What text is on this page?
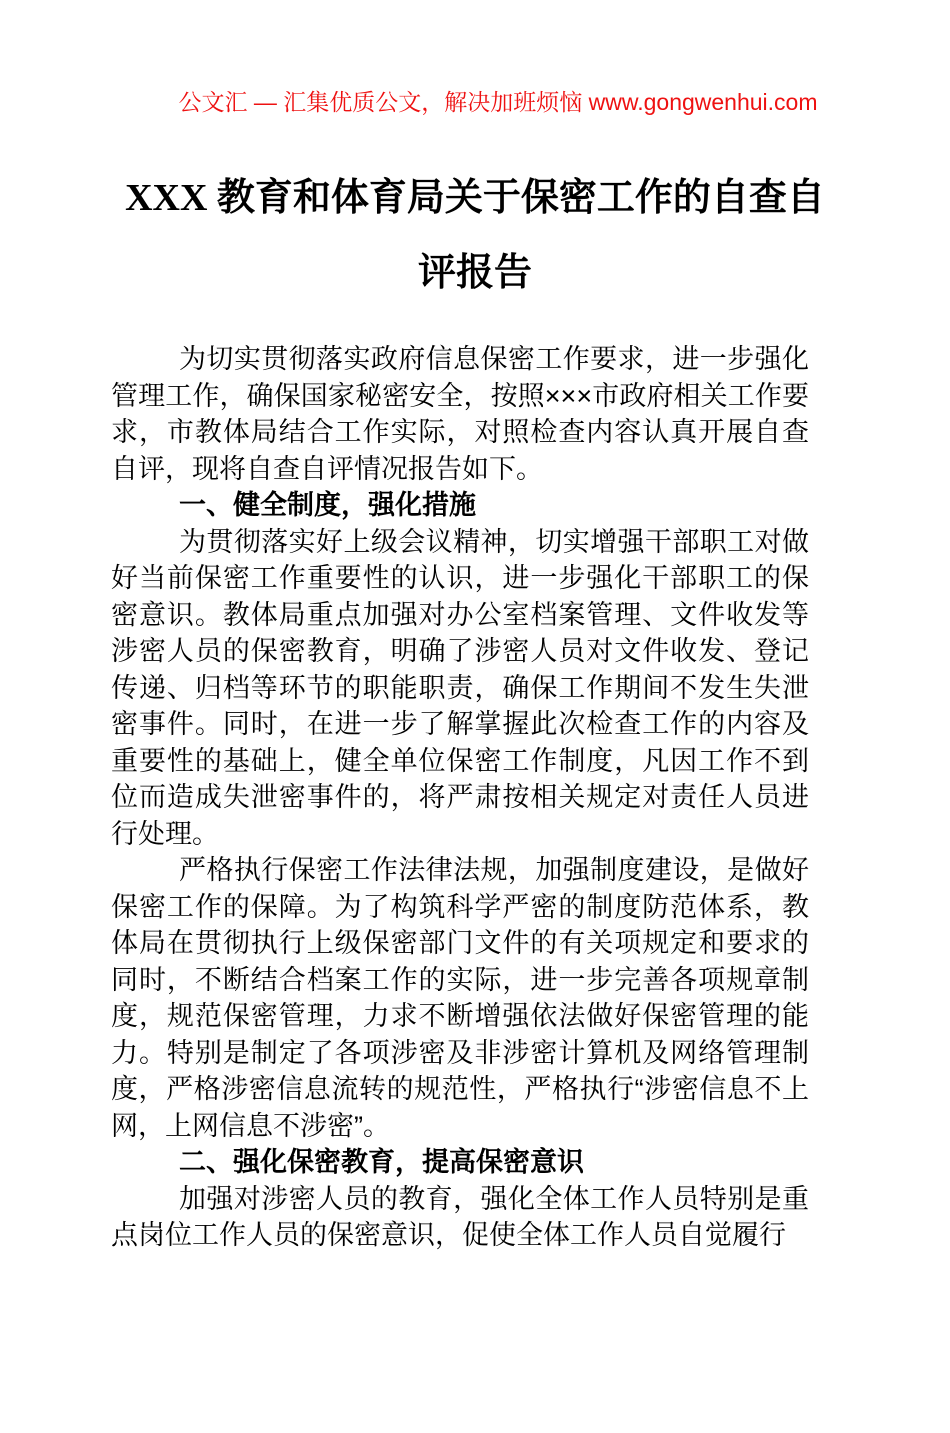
公文汇 — 汇集优质公文，解决加班烦恼 www.gongwenhui.com
XXX 教育和体育局关于保密工作的自查自评报告

为切实贯彻落实政府信息保密工作要求，进一步强化管理工作，确保国家秘密安全，按照×××市政府相关工作要求，市教体局结合工作实际，对照检查内容认真开展自查自评，现将自查自评情况报告如下。

一、健全制度，强化措施

为贯彻落实好上级会议精神，切实增强干部职工对做好当前保密工作重要性的认识，进一步强化干部职工的保密意识。教体局重点加强对办公室档案管理、文件收发等涉密人员的保密教育，明确了涉密人员对文件收发、登记传递、归档等环节的职能职责，确保工作期间不发生失泄密事件。同时，在进一步了解掌握此次检查工作的内容及重要性的基础上，健全单位保密工作制度，凡因工作不到位而造成失泄密事件的，将严肃按相关规定对责任人员进行处理。

严格执行保密工作法律法规，加强制度建设，是做好保密工作的保障。为了构筑科学严密的制度防范体系，教体局在贯彻执行上级保密部门文件的有关项规定和要求的同时，不断结合档案工作的实际，进一步完善各项规章制度，规范保密管理，力求不断增强依法做好保密管理的能力。特别是制定了各项涉密及非涉密计算机及网络管理制度，严格涉密信息流转的规范性，严格执行“涉密信息不上网，上网信息不涉密”。

二、强化保密教育，提高保密意识

加强对涉密人员的教育，强化全体工作人员特别是重点岗位工作人员的保密意识，促使全体工作人员自觉履行
